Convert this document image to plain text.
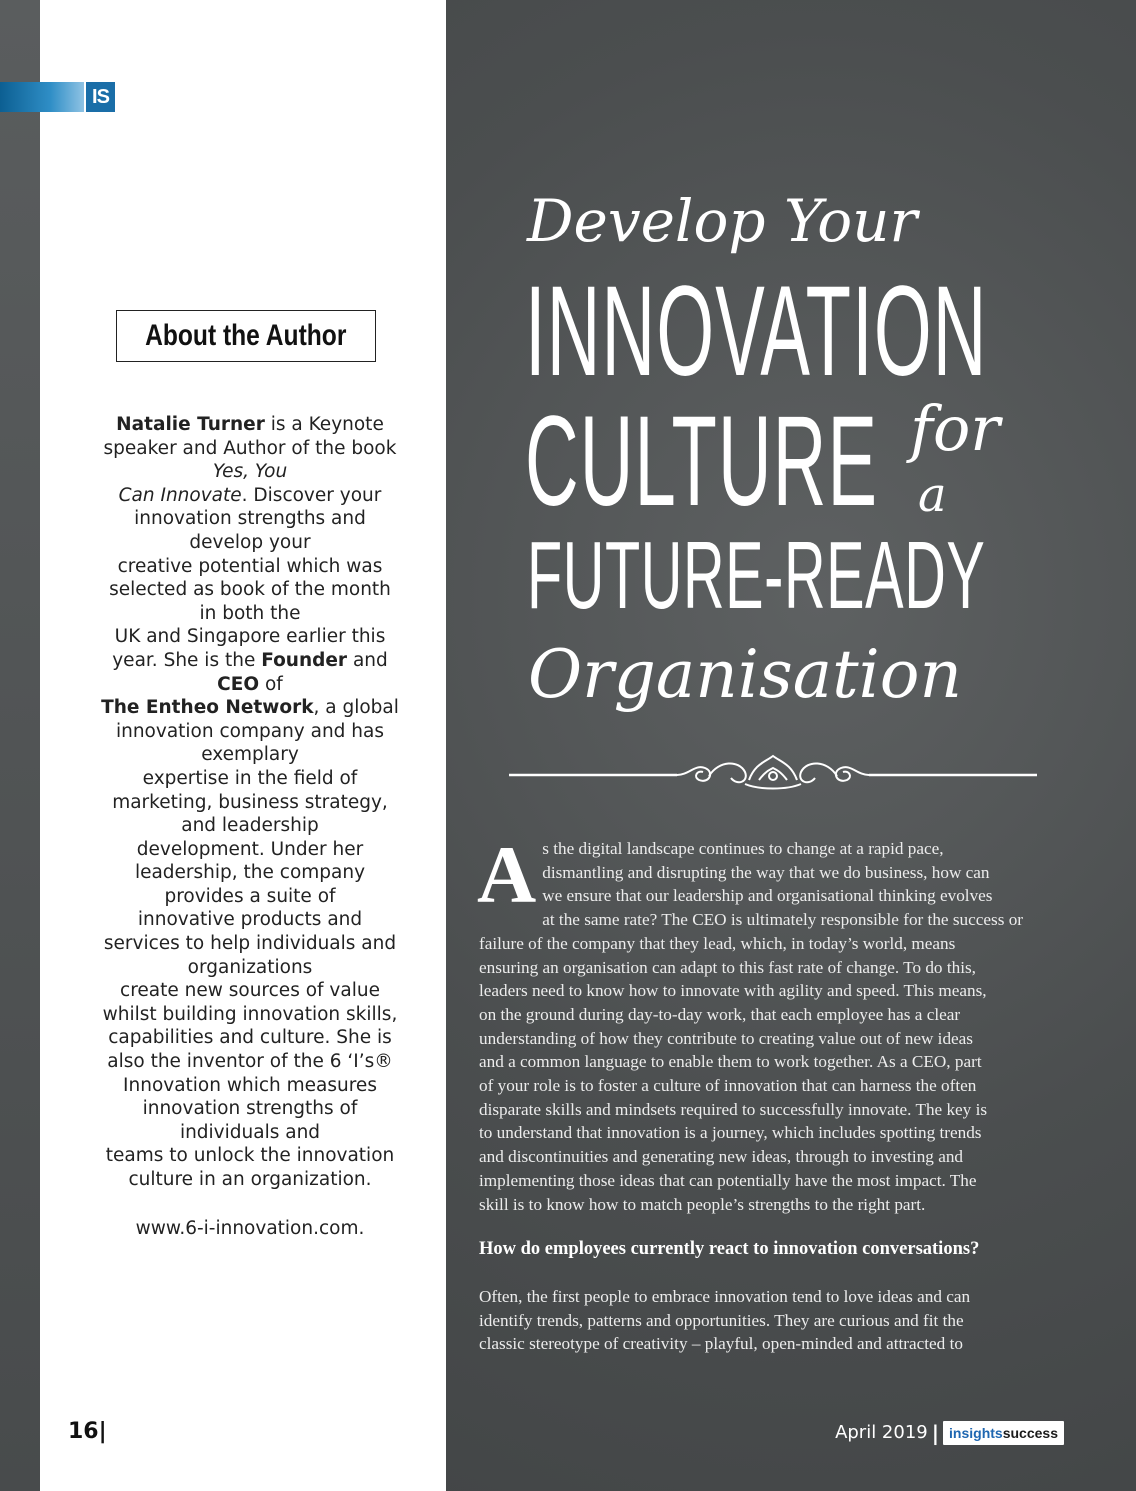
IS
About the Author
Natalie Turner is a Keynote
speaker and Author of the book
Yes, You
Can Innovate. Discover your
innovation strengths and
develop your
creative potential which was
selected as book of the month
in both the
UK and Singapore earlier this
year. She is the Founder and
CEO of
The Entheo Network, a global
innovation company and has
exemplary
expertise in the field of
marketing, business strategy,
and leadership
development. Under her
leadership, the company
provides a suite of
innovative products and
services to help individuals and
organizations
create new sources of value
whilst building innovation skills,
capabilities and culture. She is
also the inventor of the 6 ‘I’s®
Innovation which measures
innovation strengths of
individuals and
teams to unlock the innovation
culture in an organization.
www.6-i-innovation.com.
16|
Develop Your
INNOVATION
CULTURE for
a
FUTURE-READY
Organisation
A s the digital landscape continues to change at a rapid pace,
dismantling and disrupting the way that we do business, how can
we ensure that our leadership and organisational thinking evolves
at the same rate? The CEO is ultimately responsible for the success or
failure of the company that they lead, which, in today’s world, means
ensuring an organisation can adapt to this fast rate of change. To do this,
leaders need to know how to innovate with agility and speed. This means,
on the ground during day-to-day work, that each employee has a clear
understanding of how they contribute to creating value out of new ideas
and a common language to enable them to work together. As a CEO, part
of your role is to foster a culture of innovation that can harness the often
disparate skills and mindsets required to successfully innovate. The key is
to understand that innovation is a journey, which includes spotting trends
and discontinuities and generating new ideas, through to investing and
implementing those ideas that can potentially have the most impact. The
skill is to know how to match people’s strengths to the right part.
How do employees currently react to innovation conversations?
Often, the first people to embrace innovation tend to love ideas and can
identify trends, patterns and opportunities. They are curious and fit the
classic stereotype of creativity – playful, open-minded and attracted to
April 2019 | insights success
